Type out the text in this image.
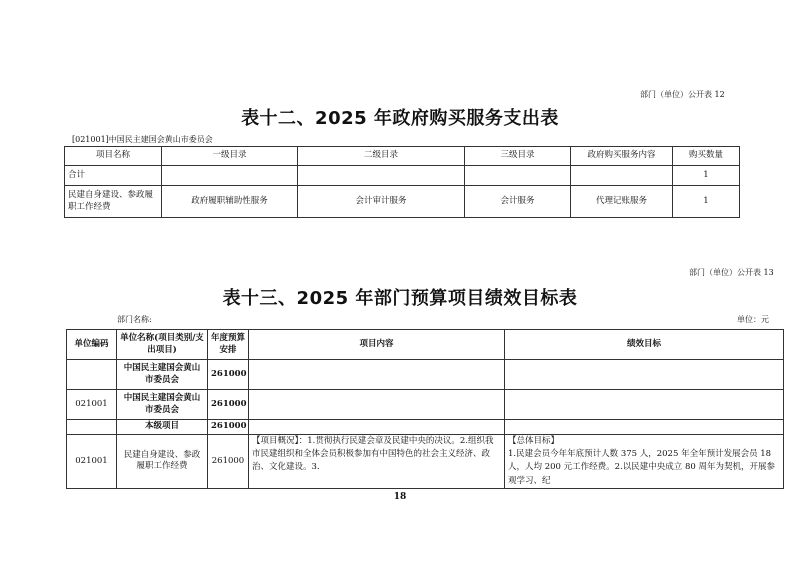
部门（单位）公开表 12
表十二、2025 年政府购买服务支出表
[021001]中国民主建国会黄山市委员会
项目名称	一级目录	二级目录	三级目录	政府购买服务内容	购买数量
合计					1
民建自身建设、参政履职工作经费	政府履职辅助性服务	会计审计服务	会计服务	代理记账服务	1
部门（单位）公开表 13
表十三、2025 年部门预算项目绩效目标表
部门名称:	单位：元
单位编码	单位名称(项目类别/支出项目)	年度预算安排	项目内容	绩效目标
	中国民主建国会黄山市委员会	261000		
021001	中国民主建国会黄山市委员会	261000		
	本级项目	261000		
021001	民建自身建设、参政履职工作经费	261000	【项目概况】：1.贯彻执行民建会章及民建中央的决议。2.组织我市民建组织和全体会员积极参加有中国特色的社会主义经济、政治、文化建设。3.	【总体目标】
1.民建会员今年年底预计人数 375 人，2025 年全年预计发展会员 18 人，人均 200 元工作经费。2.以民建中央成立 80 周年为契机，开展参观学习、纪
18
